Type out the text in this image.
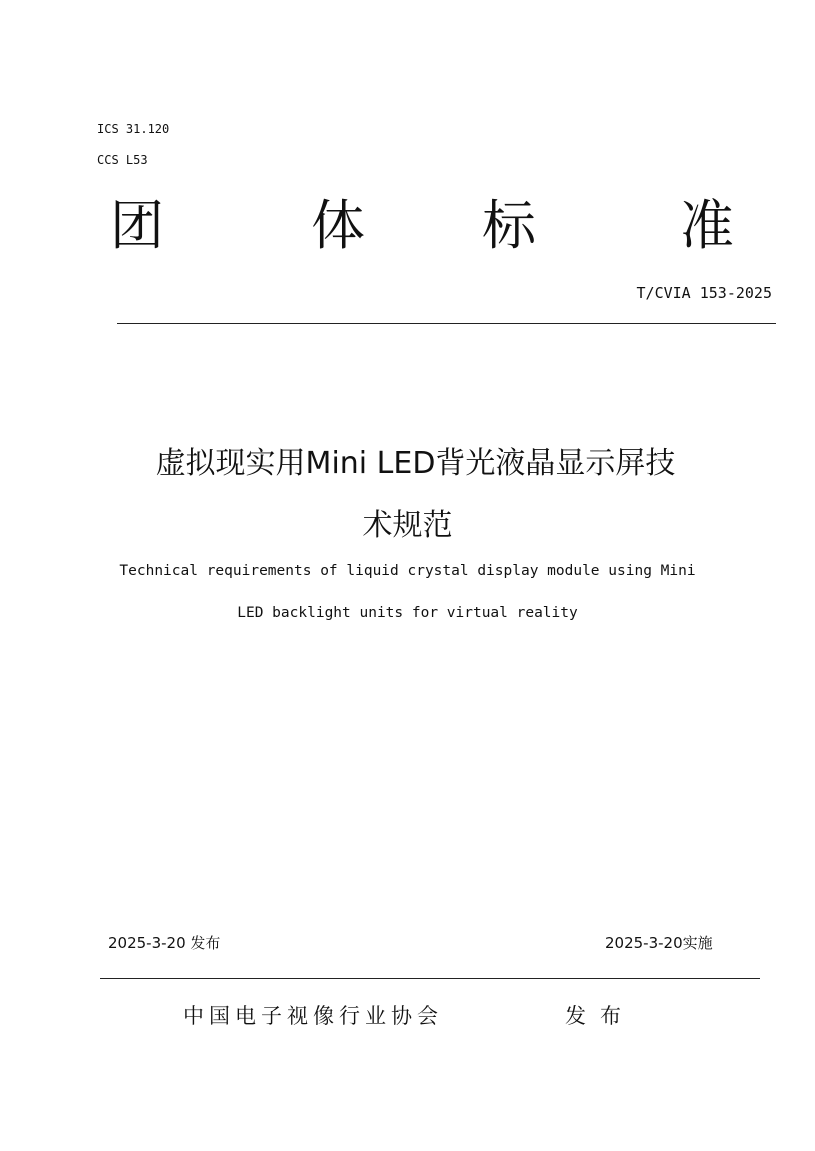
ICS 31.120
CCS L53
团	体 标	准
T/CVIA 153-2025
虚拟现实用Mini LED背光液晶显示屏技
术规范
Technical requirements of liquid crystal display module using Mini
LED backlight units for virtual reality
2025-3-20 发布	2025-3-20实施
中国电子视像行业协会	发布
